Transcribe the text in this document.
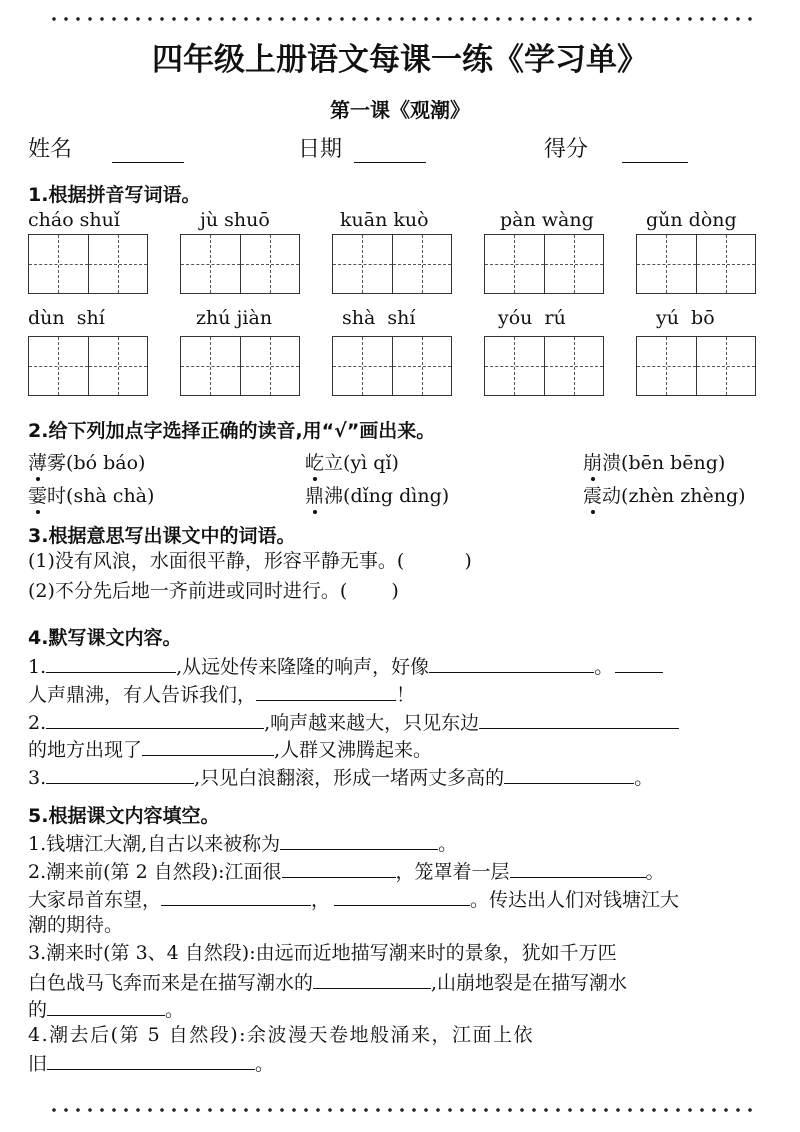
四年级上册语文每课一练《学习单》
第一课《观潮》
姓名	日期	得分
1.根据拼音写词语。
cháo shuǐ	jù shuō	kuān kuò	pàn wàng	gǔn dòng
dùn  shí	zhú jiàn	shà  shí	yóu  rú	yú  bō
2.给下列加点字选择正确的读音,用“√”画出来。
薄雾(bó báo)	屹立(yì qǐ)	崩溃(bēn bēng)
霎时(shà chà)	鼎沸(dǐng dìng)	震动(zhèn zhèng)
3.根据意思写出课文中的词语。
(1)没有风浪，水面很平静，形容平静无事。(	)
(2)不分先后地一齐前进或同时进行。( )
4.默写课文内容。
1.	,从远处传来隆隆的响声，好像	。
人声鼎沸，有人告诉我们，	！
2.	,响声越来越大，只见东边
的地方出现了	,人群又沸腾起来。
3.	,只见白浪翻滚，形成一堵两丈多高的	。
5.根据课文内容填空。
1.钱塘江大潮,自古以来被称为	。
2.潮来前(第 2 自然段):江面很	，笼罩着一层	。
大家昂首东望，	，	。传达出人们对钱塘江大
潮的期待。
3.潮来时(第 3、4 自然段):由远而近地描写潮来时的景象，犹如千万匹
白色战马飞奔而来是在描写潮水的	,山崩地裂是在描写潮水
的	。
4.潮去后(第 5 自然段):余波漫天卷地般涌来，江面上依
旧	。
